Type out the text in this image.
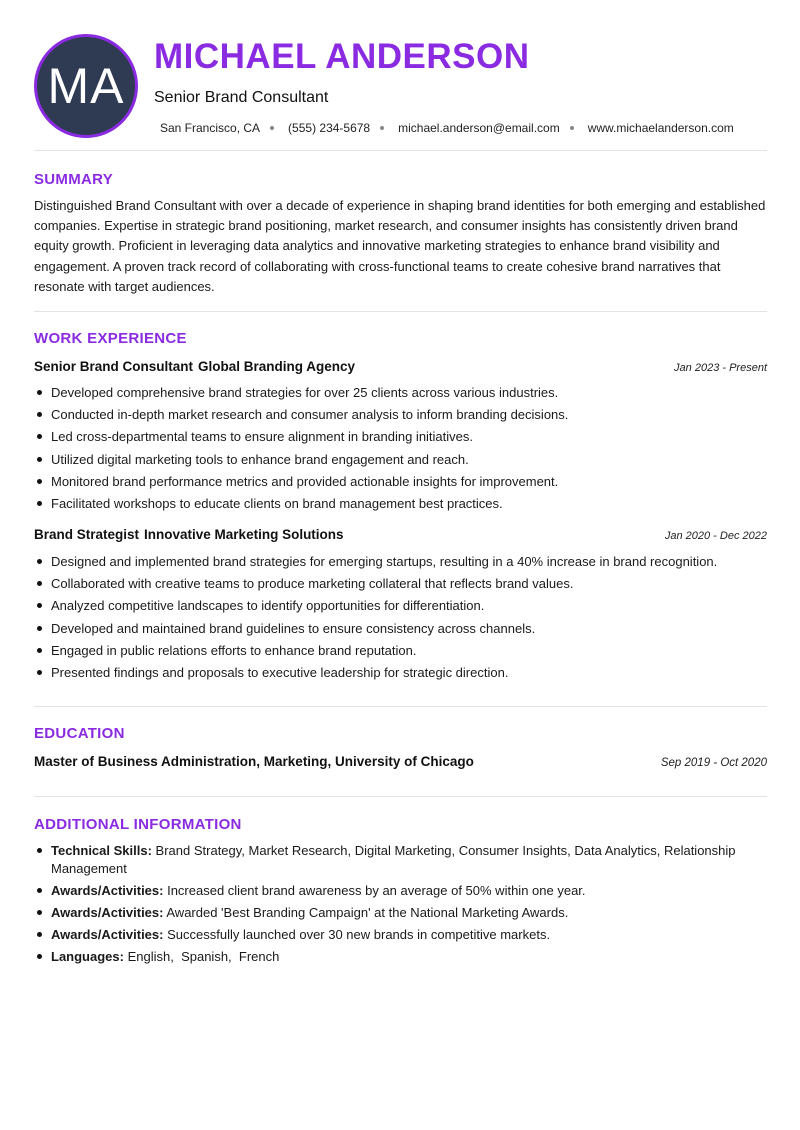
MA
MICHAEL ANDERSON
Senior Brand Consultant
San Francisco, CA (555) 234-5678 michael.anderson@email.com www.michaelanderson.com
SUMMARY
Distinguished Brand Consultant with over a decade of experience in shaping brand identities for both emerging and established companies. Expertise in strategic brand positioning, market research, and consumer insights has consistently driven brand equity growth. Proficient in leveraging data analytics and innovative marketing strategies to enhance brand visibility and engagement. A proven track record of collaborating with cross-functional teams to create cohesive brand narratives that resonate with target audiences.
WORK EXPERIENCE
Senior Brand Consultant Global Branding Agency	Jan 2023 - Present
Developed comprehensive brand strategies for over 25 clients across various industries.
Conducted in-depth market research and consumer analysis to inform branding decisions.
Led cross-departmental teams to ensure alignment in branding initiatives.
Utilized digital marketing tools to enhance brand engagement and reach.
Monitored brand performance metrics and provided actionable insights for improvement.
Facilitated workshops to educate clients on brand management best practices.
Brand Strategist Innovative Marketing Solutions	Jan 2020 - Dec 2022
Designed and implemented brand strategies for emerging startups, resulting in a 40% increase in brand recognition.
Collaborated with creative teams to produce marketing collateral that reflects brand values.
Analyzed competitive landscapes to identify opportunities for differentiation.
Developed and maintained brand guidelines to ensure consistency across channels.
Engaged in public relations efforts to enhance brand reputation.
Presented findings and proposals to executive leadership for strategic direction.
EDUCATION
Master of Business Administration, Marketing, University of Chicago	Sep 2019 - Oct 2020
ADDITIONAL INFORMATION
Technical Skills: Brand Strategy, Market Research, Digital Marketing, Consumer Insights, Data Analytics, Relationship Management
Awards/Activities: Increased client brand awareness by an average of 50% within one year.
Awards/Activities: Awarded 'Best Branding Campaign' at the National Marketing Awards.
Awards/Activities: Successfully launched over 30 new brands in competitive markets.
Languages: English,  Spanish,  French
